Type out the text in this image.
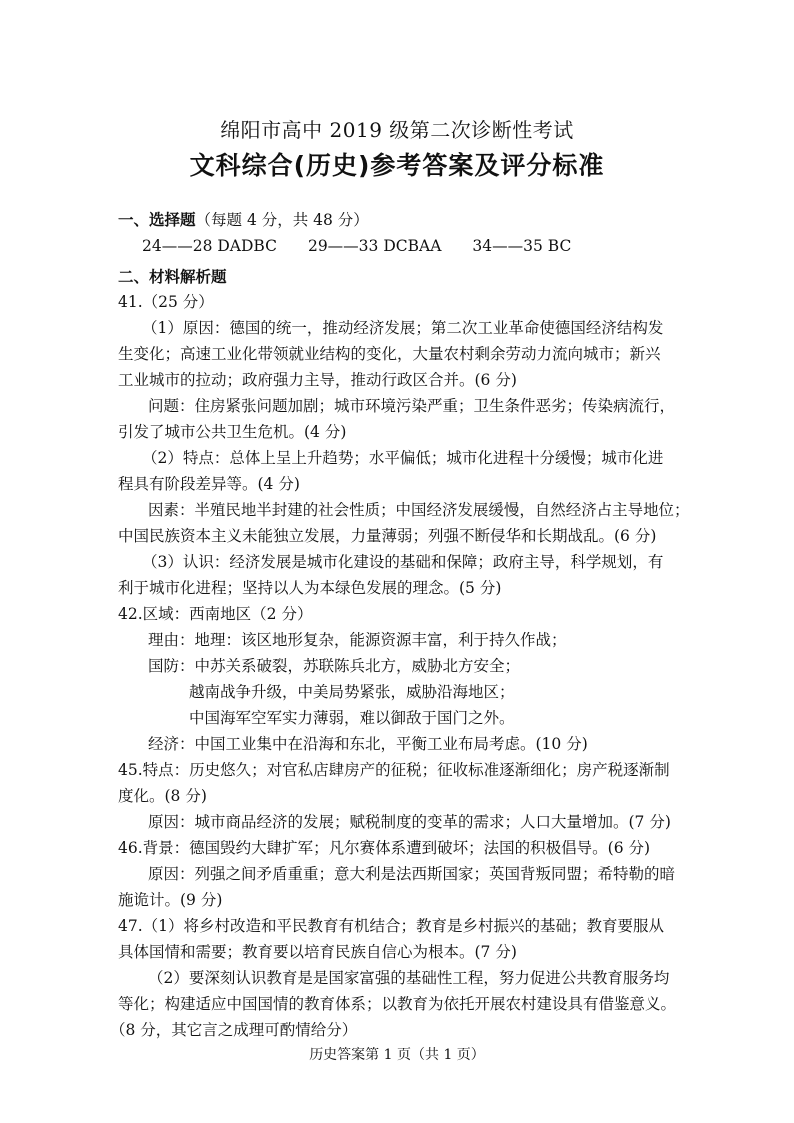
绵阳市高中 2019 级第二次诊断性考试
文科综合(历史)参考答案及评分标准
一、选择题（每题 4 分，共 48 分）
24——28 DADBC　　29——33 DCBAA　　34——35 BC
二、材料解析题
41.（25 分）
（1）原因：德国的统一，推动经济发展；第二次工业革命使德国经济结构发
生变化；高速工业化带领就业结构的变化，大量农村剩余劳动力流向城市；新兴
工业城市的拉动；政府强力主导，推动行政区合并。(6 分)
问题：住房紧张问题加剧；城市环境污染严重；卫生条件恶劣；传染病流行，
引发了城市公共卫生危机。(4 分)
（2）特点：总体上呈上升趋势；水平偏低；城市化进程十分缓慢；城市化进
程具有阶段差异等。(4 分)
因素：半殖民地半封建的社会性质；中国经济发展缓慢，自然经济占主导地位；
中国民族资本主义未能独立发展，力量薄弱；列强不断侵华和长期战乱。(6 分)
（3）认识：经济发展是城市化建设的基础和保障；政府主导，科学规划，有
利于城市化进程；坚持以人为本绿色发展的理念。(5 分)
42.区域：西南地区（2 分）
理由：地理：该区地形复杂，能源资源丰富，利于持久作战；
国防：中苏关系破裂，苏联陈兵北方，威胁北方安全；
越南战争升级，中美局势紧张，威胁沿海地区；
中国海军空军实力薄弱，难以御敌于国门之外。
经济：中国工业集中在沿海和东北，平衡工业布局考虑。(10 分)
45.特点：历史悠久；对官私店肆房产的征税；征收标准逐渐细化；房产税逐渐制
度化。(8 分)
原因：城市商品经济的发展；赋税制度的变革的需求；人口大量增加。(7 分)
46.背景：德国毁约大肆扩军；凡尔赛体系遭到破坏；法国的积极倡导。(6 分)
原因：列强之间矛盾重重；意大利是法西斯国家；英国背叛同盟；希特勒的暗
施诡计。(9 分)
47.（1）将乡村改造和平民教育有机结合；教育是乡村振兴的基础；教育要服从
具体国情和需要；教育要以培育民族自信心为根本。(7 分)
（2）要深刻认识教育是是国家富强的基础性工程，努力促进公共教育服务均
等化；构建适应中国国情的教育体系；以教育为依托开展农村建设具有借鉴意义。
（8 分，其它言之成理可酌情给分）
历史答案第 1 页（共 1 页）
